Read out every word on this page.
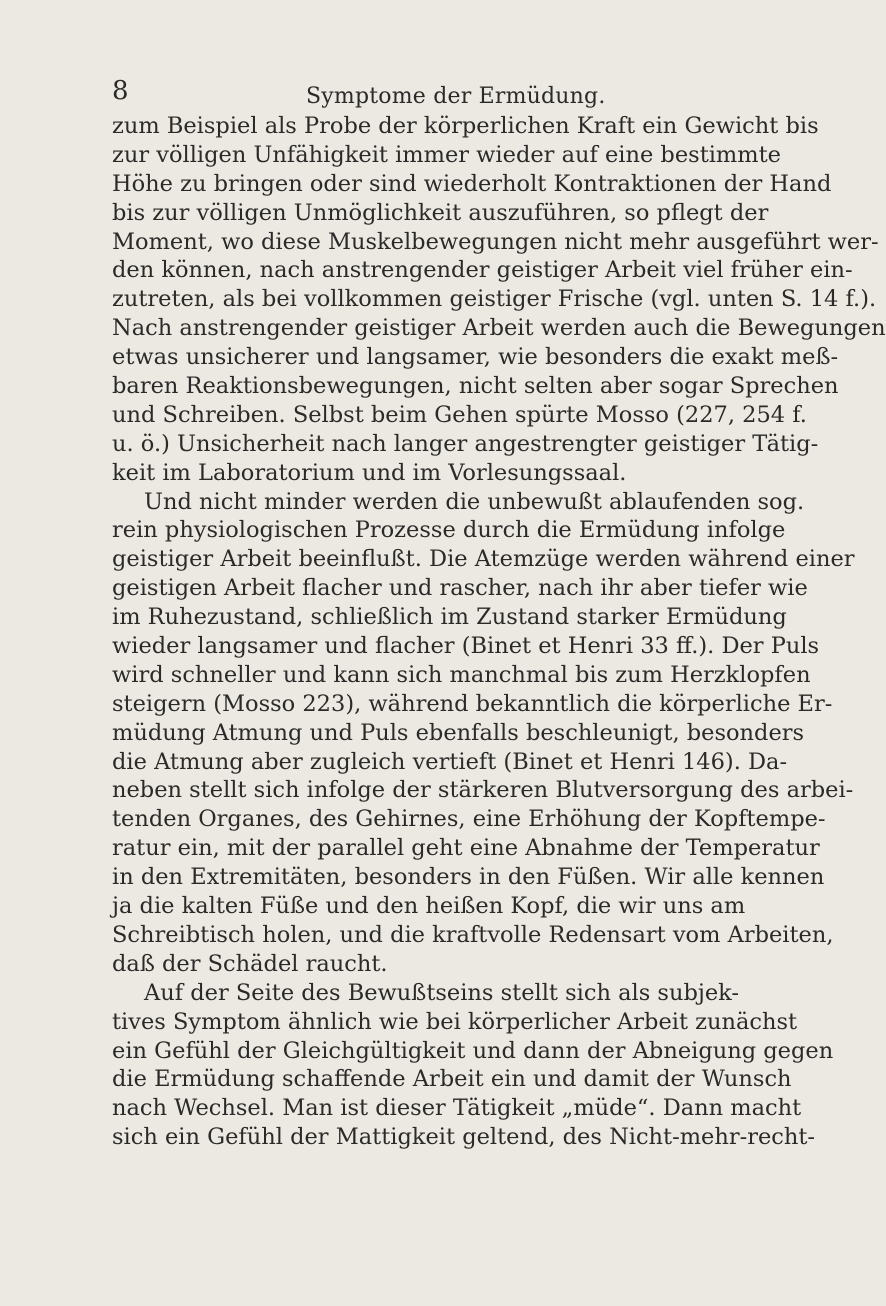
8	Symptome der Ermüdung.
zum Beispiel als Probe der körperlichen Kraft ein Gewicht bis
zur völligen Unfähigkeit immer wieder auf eine bestimmte
Höhe zu bringen oder sind wiederholt Kontraktionen der Hand
bis zur völligen Unmöglichkeit auszuführen, so pflegt der
Moment, wo diese Muskelbewegungen nicht mehr ausgeführt wer-
den können, nach anstrengender geistiger Arbeit viel früher ein-
zutreten, als bei vollkommen geistiger Frische (vgl. unten S. 14 f.).
Nach anstrengender geistiger Arbeit werden auch die Bewegungen
etwas unsicherer und langsamer, wie besonders die exakt meß-
baren Reaktionsbewegungen, nicht selten aber sogar Sprechen
und Schreiben. Selbst beim Gehen spürte Mosso (227, 254 f.
u. ö.) Unsicherheit nach langer angestrengter geistiger Tätig-
keit im Laboratorium und im Vorlesungssaal.
Und nicht minder werden die unbewußt ablaufenden sog.
rein physiologischen Prozesse durch die Ermüdung infolge
geistiger Arbeit beeinflußt. Die Atemzüge werden während einer
geistigen Arbeit flacher und rascher, nach ihr aber tiefer wie
im Ruhezustand, schließlich im Zustand starker Ermüdung
wieder langsamer und flacher (Binet et Henri 33 ff.). Der Puls
wird schneller und kann sich manchmal bis zum Herzklopfen
steigern (Mosso 223), während bekanntlich die körperliche Er-
müdung Atmung und Puls ebenfalls beschleunigt, besonders
die Atmung aber zugleich vertieft (Binet et Henri 146). Da-
neben stellt sich infolge der stärkeren Blutversorgung des arbei-
tenden Organes, des Gehirnes, eine Erhöhung der Kopftempe-
ratur ein, mit der parallel geht eine Abnahme der Temperatur
in den Extremitäten, besonders in den Füßen. Wir alle kennen
ja die kalten Füße und den heißen Kopf, die wir uns am
Schreibtisch holen, und die kraftvolle Redensart vom Arbeiten,
daß der Schädel raucht.
Auf der Seite des Bewußtseins stellt sich als subjek-
tives Symptom ähnlich wie bei körperlicher Arbeit zunächst
ein Gefühl der Gleichgültigkeit und dann der Abneigung gegen
die Ermüdung schaffende Arbeit ein und damit der Wunsch
nach Wechsel. Man ist dieser Tätigkeit „müde“. Dann macht
sich ein Gefühl der Mattigkeit geltend, des Nicht-mehr-recht-
